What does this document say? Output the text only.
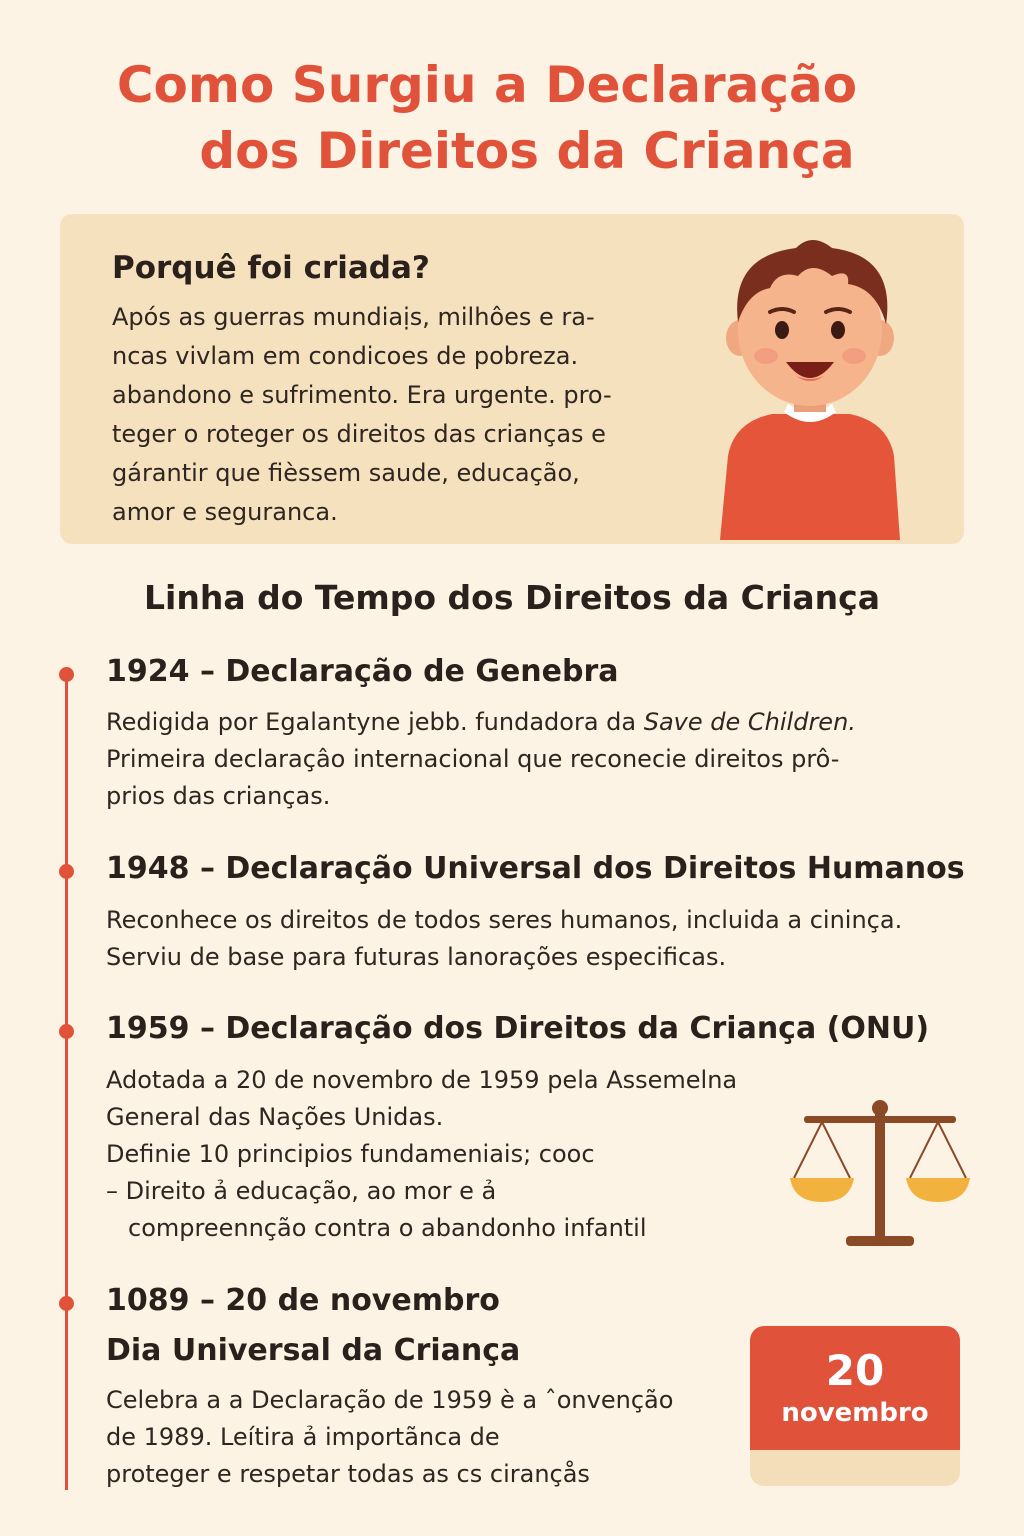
Como Surgiu a Declaração
dos Direitos da Criança
Porquê foi criada?

Após as guerras mundiaịs, milhôes e ra-
ncas vivlam em condicoes de pobreza.
abandono e sufrimento. Era urgente. pro-
teger o roteger os direitos das crianças e
gárantir que fièssem saude, educação,
amor e seguranca.

Linha do Tempo dos Direitos da Criança
1924 – Declaração de Genebra
Redigida por Egalantyne jebb. fundadora da Save de Children.
Primeira declaraçâo internacional que reconecie direitos prô-
prios das crianças.
1948 – Declaração Universal dos Direitos Humanos
Reconhece os direitos de todos seres humanos, incluida a cininça.
Serviu de base para futuras lanorações especificas.
1959 – Declaração dos Direitos da Criança (ONU)
Adotada a 20 de novembro de 1959 pela Assemelna
General das Nações Unidas.
Definie 10 principios fundameniais; cooc
– Direito ả educação, ao mor e ả
compreennção contra o abandonho infantil
1089 – 20 de novembro
Dia Universal da Criança
Celebra a a Declaração de 1959 è a ˆonvenção
de 1989. Leítira ả importãnca de
proteger e respetar todas as cs cirançås
20
novembro
